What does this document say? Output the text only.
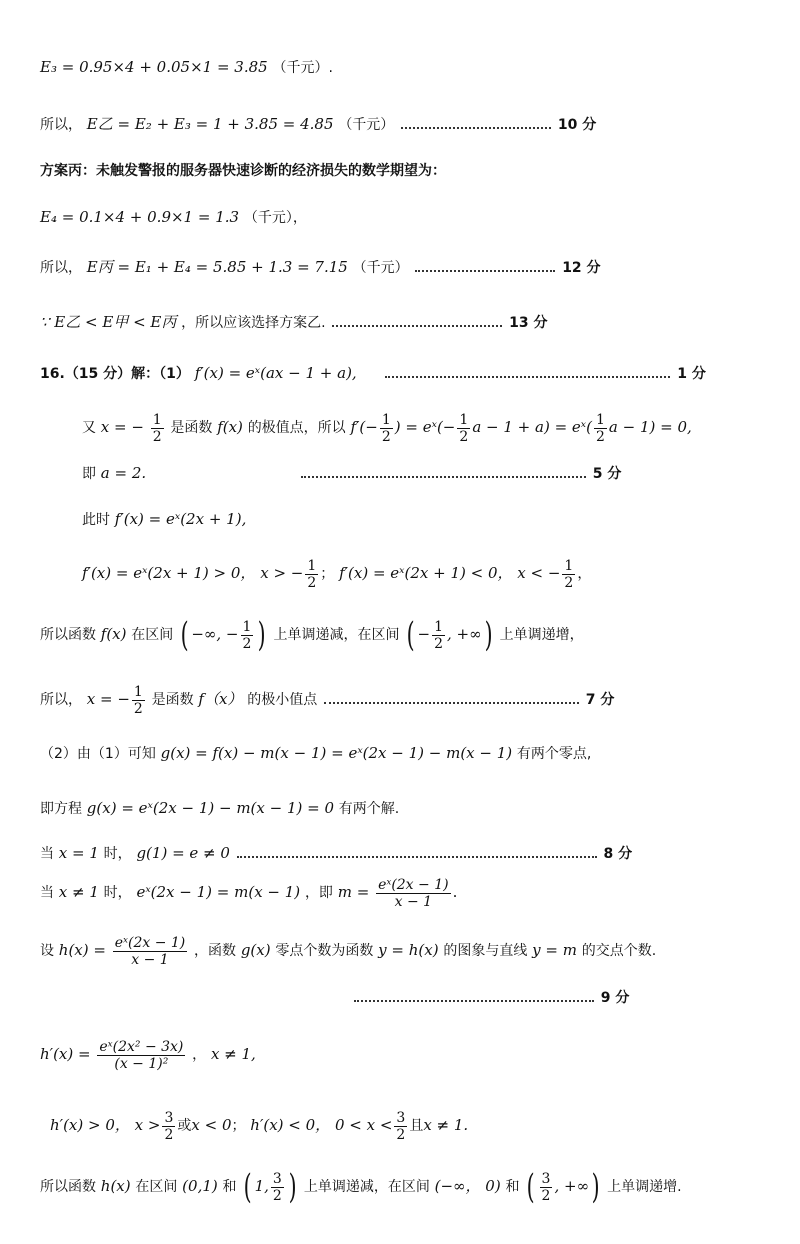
E₃ = 0.95×4 + 0.05×1 = 3.85 （千元）.
所以， E乙 = E₂ + E₃ = 1 + 3.85 = 4.85 （千元）	10 分
方案丙：未触发警报的服务器快速诊断的经济损失的数学期望为：
E₄ = 0.1×4 + 0.9×1 = 1.3 （千元），
所以， E丙 = E₁ + E₄ = 5.85 + 1.3 = 7.15 （千元）	12 分
∵ E乙 < E甲 < E丙 ，所以应该选择方案乙.	13 分
16.（15 分）解：（1） f′(x) = eˣ(ax − 1 + a),	1 分
又 x = − $\frac{1}{2}$ 是函数 f(x) 的极值点，所以 $f'(- \frac{1}{2}$ ) = eˣ(− $\frac{1}{2}$ a − 1 + a) = eˣ( $\frac{1}{2}$ a − 1) = 0,
即 a = 2.	5 分
此时 f′(x) = eˣ(2x + 1),
f′(x) = eˣ(2x + 1) > 0， x > − $\frac{1}{2}$ ； f′(x) = eˣ(2x + 1) < 0， x < − $\frac{1}{2}$ ，
所以函数 f(x) 在区间 ( −∞, − $\frac{1}{2}$ ) 上单调递减，在区间 ( − $\frac{1}{2}$ , +∞) 上单调递增，
所以， x = − $\frac{1}{2}$ 是函数 f（x） 的极小值点	7 分
（2）由（1）可知 g(x) = f(x) − m(x − 1) = eˣ(2x − 1) − m(x − 1) 有两个零点,
即方程 g(x) = eˣ(2x − 1) − m(x − 1) = 0 有两个解.
当 x = 1 时， g(1) = e ≠ 0	8 分
当 x ≠ 1 时， eˣ(2x − 1) = m(x − 1) ，即 $m = \frac{\text{eˣ(2x − 1)}}{x - 1}$ .
设 $h(x) = \frac{\text{eˣ(2x − 1)}}{x - 1}$ ，函数 g(x) 零点个数为函数 y = h(x) 的图象与直线 y = m 的交点个数.
9 分
$h'(x) = \frac{\text{eˣ(2x² − 3x)}}{\text{(x − 1)²}}$ ， x ≠ 1,
h′(x) > 0， $x > \frac{3}{2}$ 或x < 0； h′(x) < 0， $0 < x < \frac{3}{2}$ 且x ≠ 1.
所以函数 h(x) 在区间 (0,1) 和 ( 1, $\frac{3}{2}$ ) 上单调递减，在区间 (−∞， 0) 和 ( $\frac{3}{2}$ , +∞) 上单调递增.
